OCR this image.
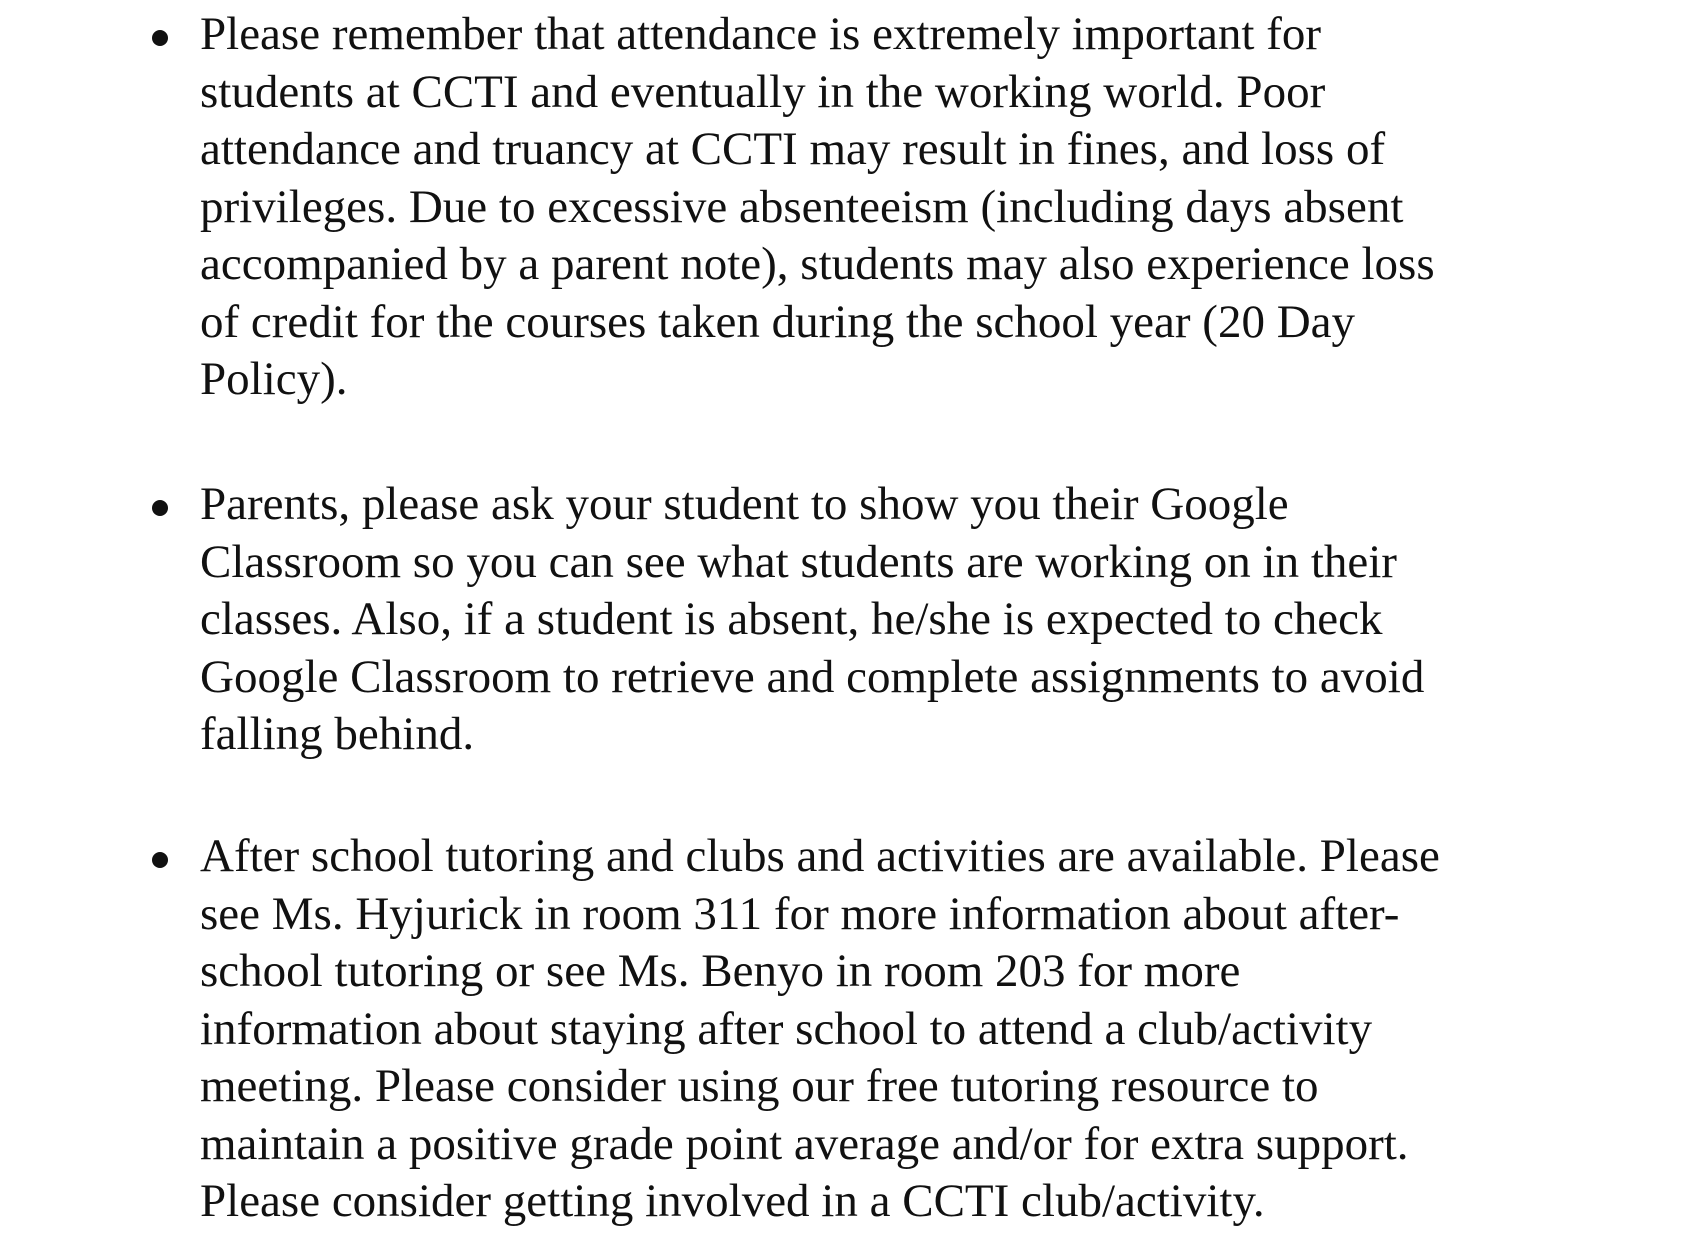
Please remember that attendance is extremely important for
students at CCTI and eventually in the working world. Poor
attendance and truancy at CCTI may result in fines, and loss of
privileges. Due to excessive absenteeism (including days absent
accompanied by a parent note), students may also experience loss
of credit for the courses taken during the school year (20 Day
Policy).
Parents, please ask your student to show you their Google
Classroom so you can see what students are working on in their
classes. Also, if a student is absent, he/she is expected to check
Google Classroom to retrieve and complete assignments to avoid
falling behind.
After school tutoring and clubs and activities are available. Please
see Ms. Hyjurick in room 311 for more information about after-
school tutoring or see Ms. Benyo in room 203 for more
information about staying after school to attend a club/activity
meeting. Please consider using our free tutoring resource to
maintain a positive grade point average and/or for extra support.
Please consider getting involved in a CCTI club/activity.
